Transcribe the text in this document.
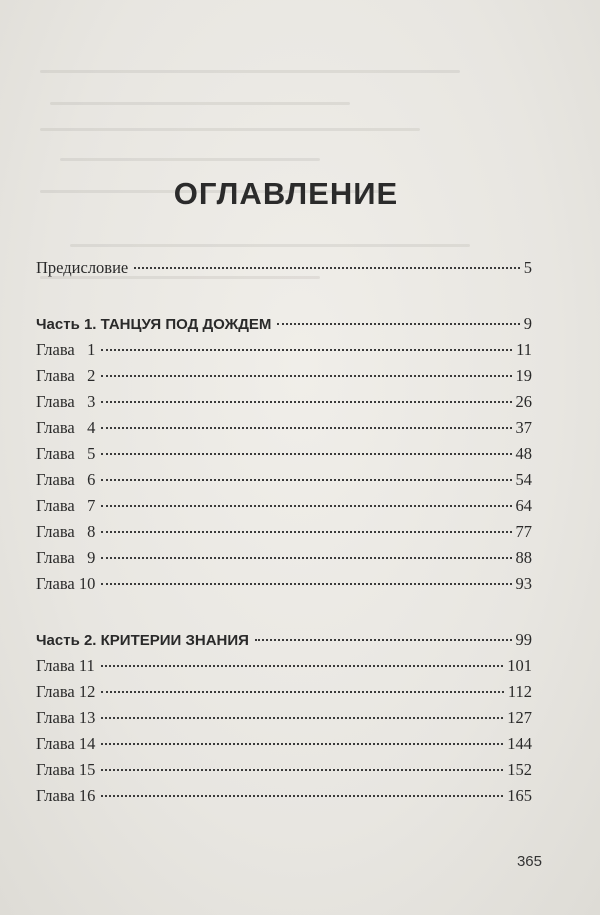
ОГЛАВЛЕНИЕ
Предисловие	5
Часть 1. ТАНЦУЯ ПОД ДОЖДЕМ	9
Глава   1	11
Глава   2	19
Глава   3	26
Глава   4	37
Глава   5	48
Глава   6	54
Глава   7	64
Глава   8	77
Глава   9	88
Глава 10	93
Часть 2. КРИТЕРИИ ЗНАНИЯ	99
Глава 11	101
Глава 12	112
Глава 13	127
Глава 14	144
Глава 15	152
Глава 16	165
365
